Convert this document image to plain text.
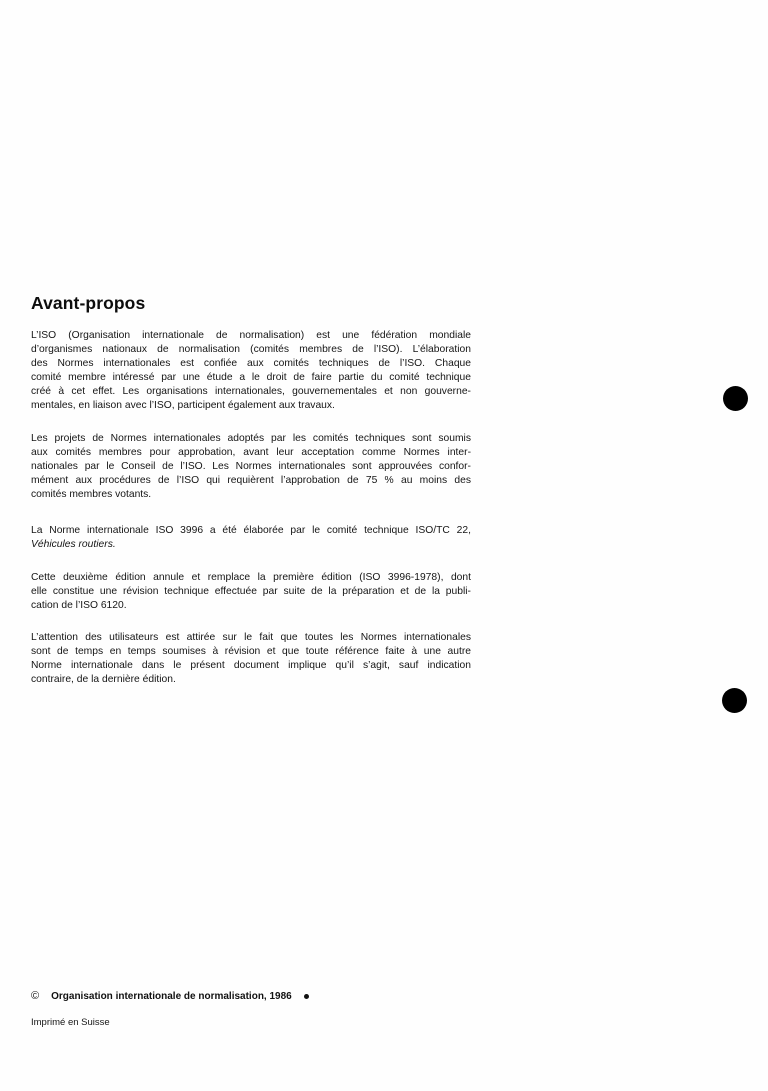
Avant-propos
L’ISO (Organisation internationale de normalisation) est une fédération mondiale
d’organismes nationaux de normalisation (comités membres de l’ISO). L’élaboration
des Normes internationales est confiée aux comités techniques de l’ISO. Chaque
comité membre intéressé par une étude a le droit de faire partie du comité technique
créé à cet effet. Les organisations internationales, gouvernementales et non gouverne-
mentales, en liaison avec l’ISO, participent également aux travaux.
Les projets de Normes internationales adoptés par les comités techniques sont soumis
aux comités membres pour approbation, avant leur acceptation comme Normes inter-
nationales par le Conseil de l’ISO. Les Normes internationales sont approuvées confor-
mément aux procédures de l’ISO qui requièrent l’approbation de 75 % au moins des
comités membres votants.
La Norme internationale ISO 3996 a été élaborée par le comité technique ISO/TC 22,
Véhicules routiers.
Cette deuxième édition annule et remplace la première édition (ISO 3996-1978), dont
elle constitue une révision technique effectuée par suite de la préparation et de la publi-
cation de l’ISO 6120.
L’attention des utilisateurs est attirée sur le fait que toutes les Normes internationales
sont de temps en temps soumises à révision et que toute référence faite à une autre
Norme internationale dans le présent document implique qu’il s’agit, sauf indication
contraire, de la dernière édition.
© Organisation internationale de normalisation, 1986
Imprimé en Suisse
